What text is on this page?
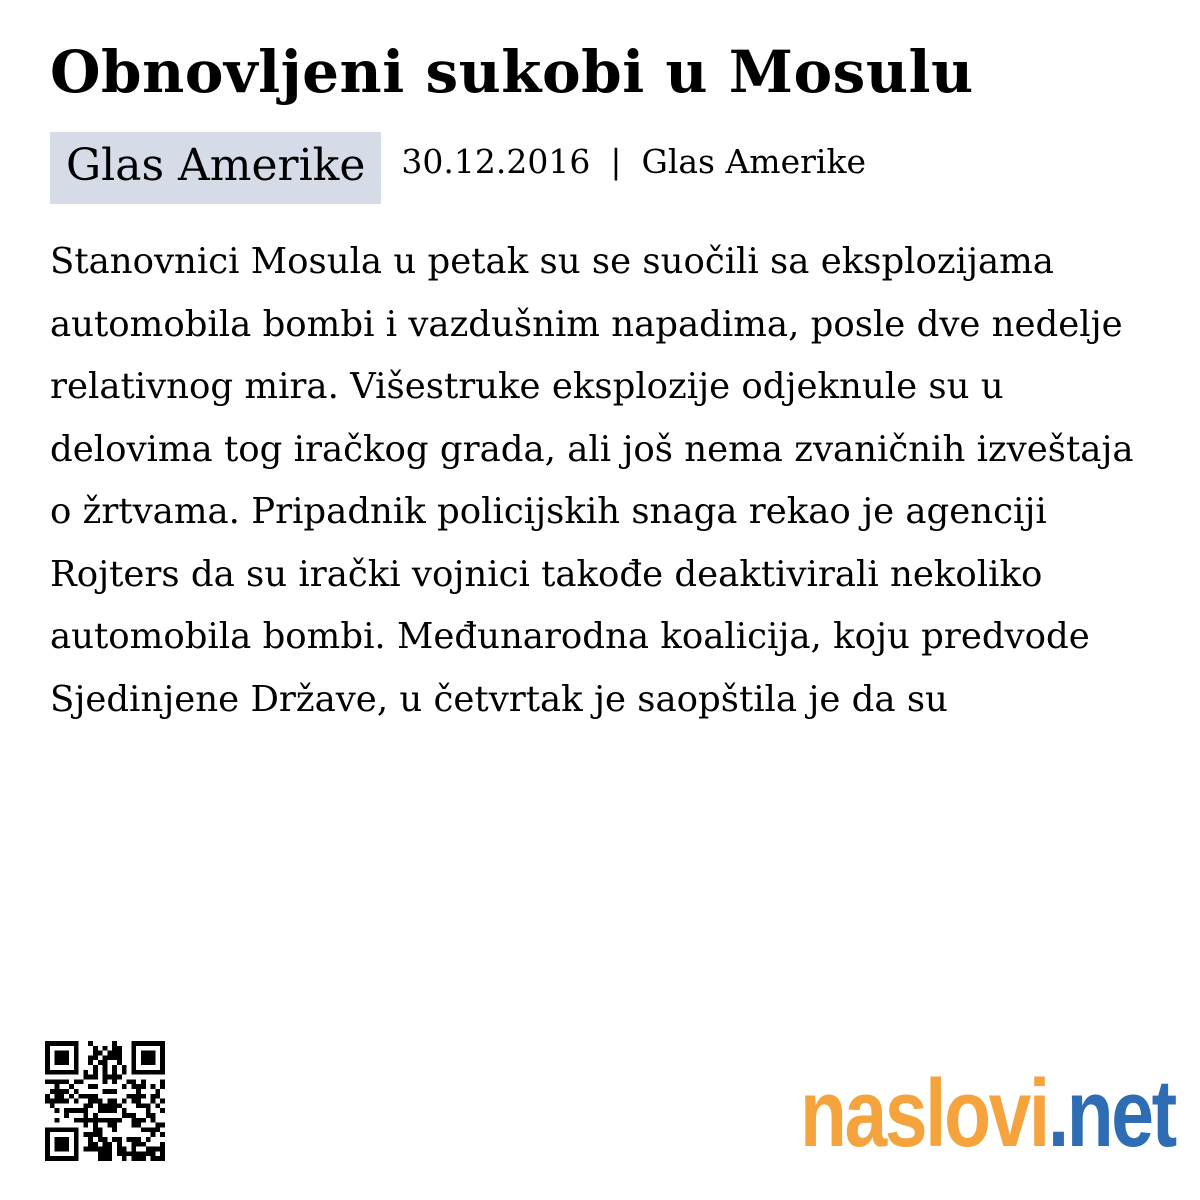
Obnovljeni sukobi u Mosulu
Glas Amerike	30.12.2016 | Glas Amerike

Stanovnici Mosula u petak su se suočili sa eksplozijama automobila bombi i vazdušnim napadima, posle dve nedelje relativnog mira. Višestruke eksplozije odjeknule su u delovima tog iračkog grada, ali još nema zvaničnih izveštaja o žrtvama. Pripadnik policijskih snaga rekao je agenciji Rojters da su irački vojnici takođe deaktivirali nekoliko automobila bombi. Međunarodna koalicija, koju predvode Sjedinjene Države, u četvrtak je saopštila je da su

naslovi.net
